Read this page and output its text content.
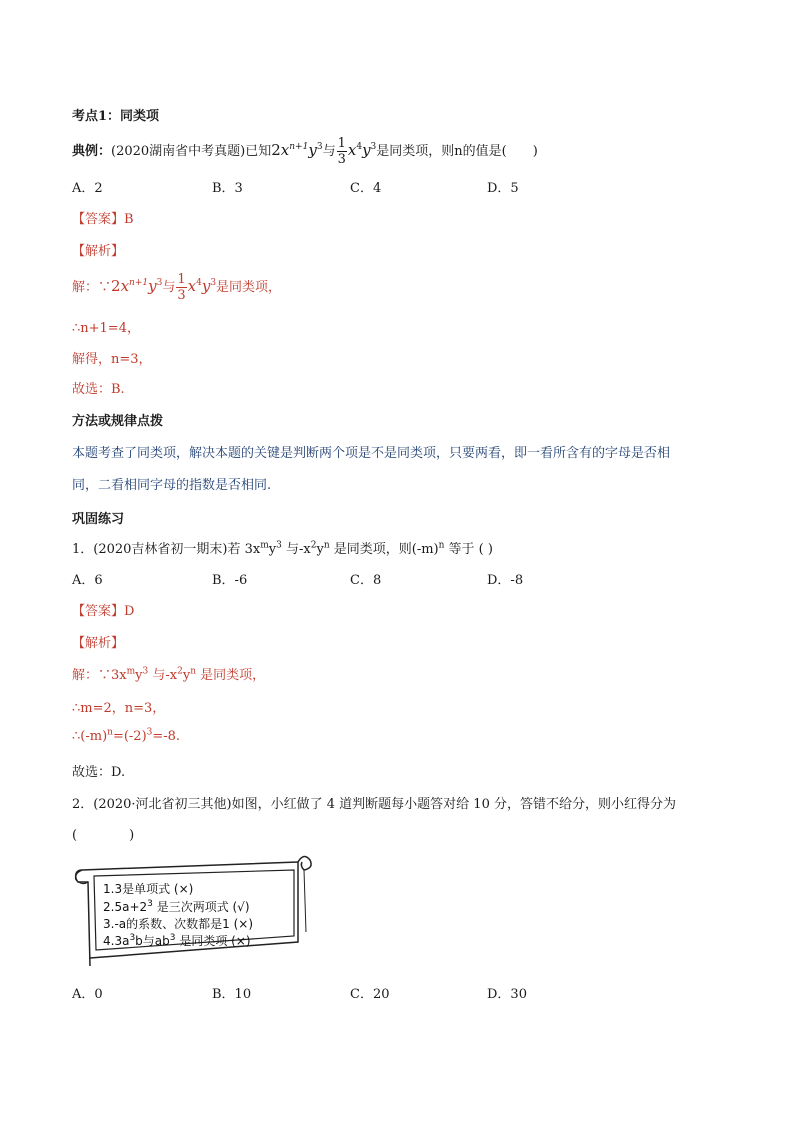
考点1：同类项
典例：(2020湖南省中考真题)已知$2x^{n+1}y^3$与 $\frac{1}{3} x^4y^3$是同类项，则n的值是(　　)
A．2	B．3	C．4	D．5
【答案】B
【解析】
解：$\because 2x^{n+1}y^3$与 $\frac{1}{3} x^4y^3$是同类项，
∴n+1=4，
解得，n=3，
故选：B.
方法或规律点拨
本题考查了同类项，解决本题的关键是判断两个项是不是同类项，只要两看，即一看所含有的字母是否相
同，二看相同字母的指数是否相同.
巩固练习
1．(2020吉林省初一期末)若 $3x^my^3$ 与$-x^2y^n$ 是同类项，则$(-m)^n$ 等于 ( )
A．6	B．-6	C．8	D．-8
【答案】D
【解析】
解：$\because 3x^my^3$ 与$-x^2y^n$ 是同类项，
∴m=2，n=3，
$\therefore(-m)^n=(-2)^3=-8$.
故选：D.
2．(2020·河北省初三其他)如图，小红做了 4 道判断题每小题答对给 10 分，答错不给分，则小红得分为
(　　　　)
1.3是单项式 (×)
$2.5a+2^3$ 是三次两项式 (√)
3.-a的系数、次数都是1 (×)
$4.3a^3b$与$ab^3$ 是同类项 (×)
A．0	B．10	C．20	D．30
